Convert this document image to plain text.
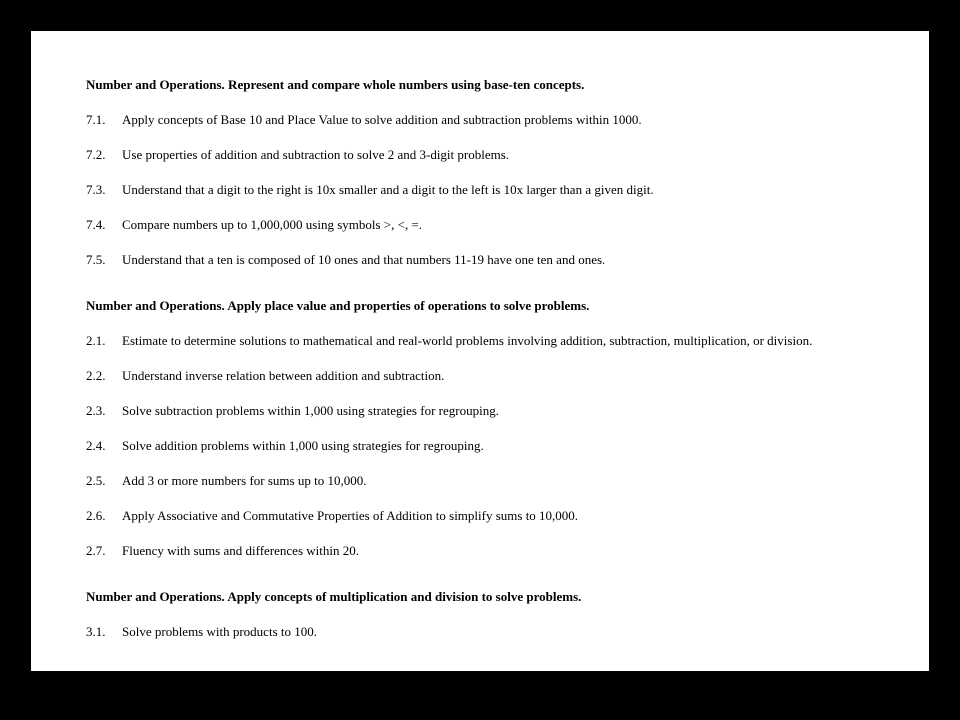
Number and Operations. Represent and compare whole numbers using base-ten concepts.
7.1.	Apply concepts of Base 10 and Place Value to solve addition and subtraction problems within 1000.
7.2.	Use properties of addition and subtraction to solve 2 and 3-digit problems.
7.3.	Understand that a digit to the right is 10x smaller and a digit to the left is 10x larger than a given digit.
7.4.	Compare numbers up to 1,000,000 using symbols >, <, =.
7.5.	Understand that a ten is composed of 10 ones and that numbers 11-19 have one ten and ones.
Number and Operations. Apply place value and properties of operations to solve problems.
2.1.	Estimate to determine solutions to mathematical and real-world problems involving addition, subtraction, multiplication, or division.
2.2.	Understand inverse relation between addition and subtraction.
2.3.	Solve subtraction problems within 1,000 using strategies for regrouping.
2.4.	Solve addition problems within 1,000 using strategies for regrouping.
2.5.	Add 3 or more numbers for sums up to 10,000.
2.6.	Apply Associative and Commutative Properties of Addition to simplify sums to 10,000.
2.7.	Fluency with sums and differences within 20.
Number and Operations. Apply concepts of multiplication and division to solve problems.
3.1.	Solve problems with products to 100.
